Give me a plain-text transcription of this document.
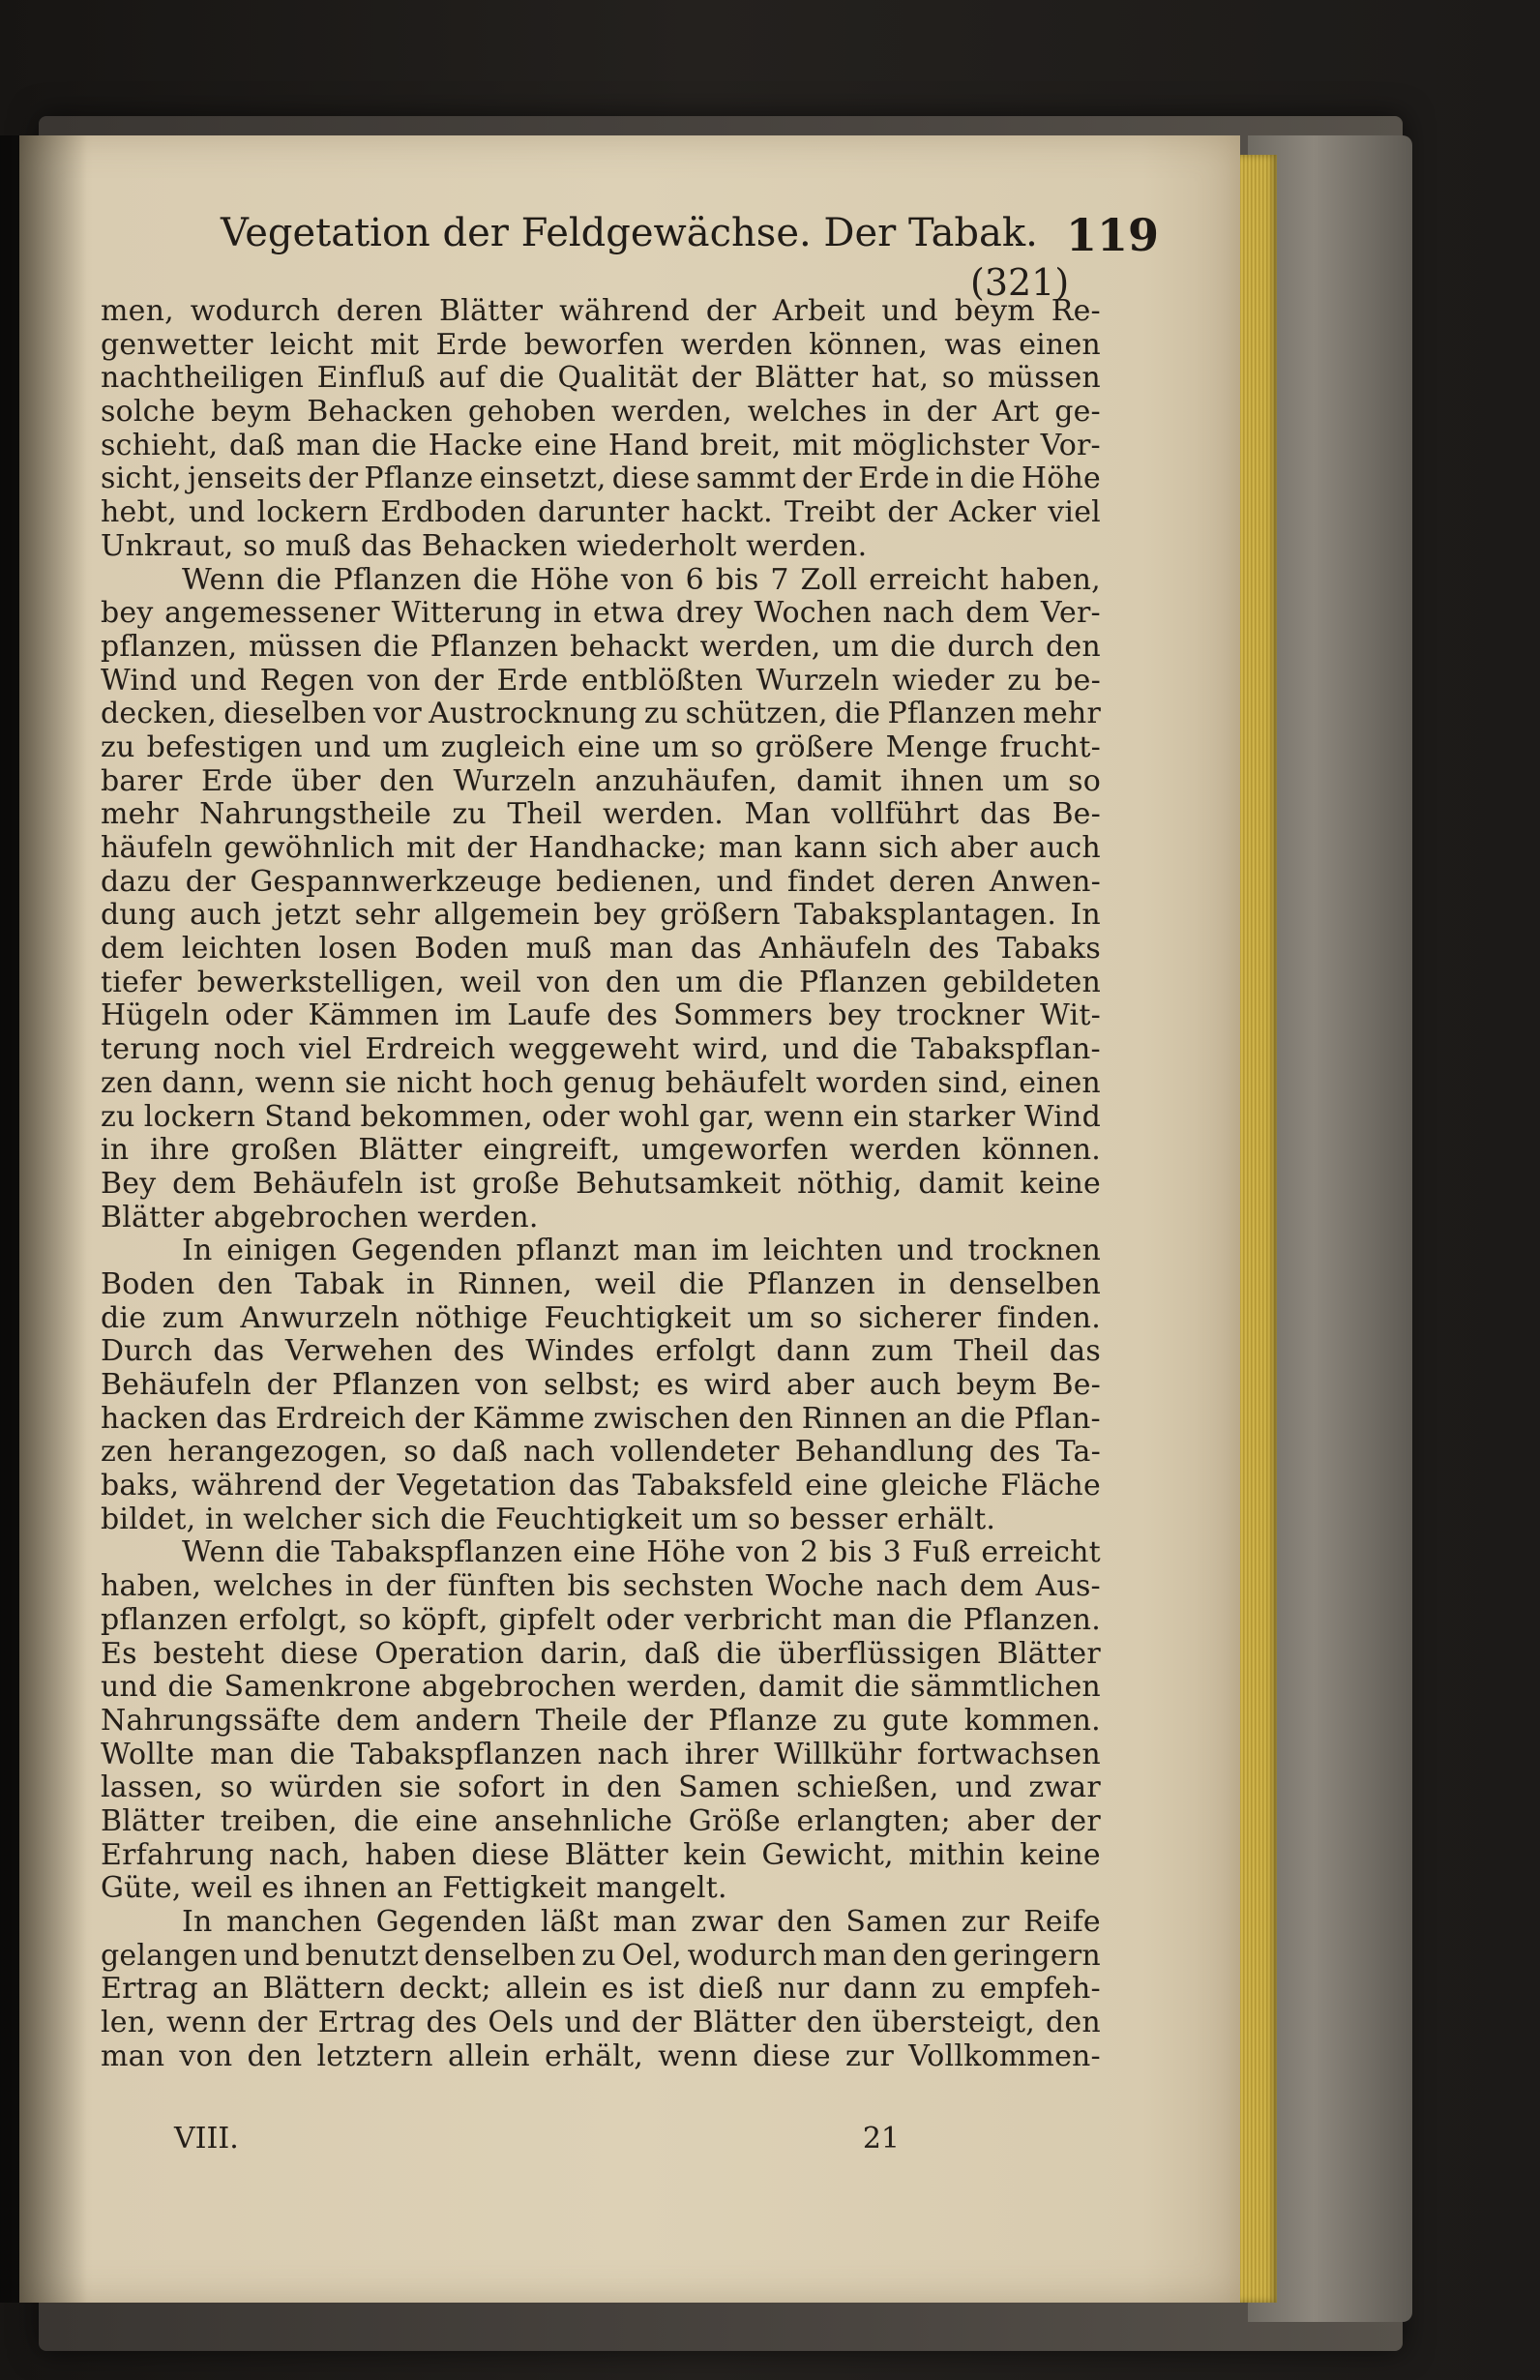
Vegetation der Feldgewächse. Der Tabak. 119
(321)
men, wodurch deren Blätter während der Arbeit und beym Re-
genwetter leicht mit Erde beworfen werden können, was einen
nachtheiligen Einfluß auf die Qualität der Blätter hat, so müssen
solche beym Behacken gehoben werden, welches in der Art ge-
schieht, daß man die Hacke eine Hand breit, mit möglichster Vor-
sicht, jenseits der Pflanze einsetzt, diese sammt der Erde in die Höhe
hebt, und lockern Erdboden darunter hackt. Treibt der Acker viel
Unkraut, so muß das Behacken wiederholt werden.
Wenn die Pflanzen die Höhe von 6 bis 7 Zoll erreicht haben,
bey angemessener Witterung in etwa drey Wochen nach dem Ver-
pflanzen, müssen die Pflanzen behackt werden, um die durch den
Wind und Regen von der Erde entblößten Wurzeln wieder zu be-
decken, dieselben vor Austrocknung zu schützen, die Pflanzen mehr
zu befestigen und um zugleich eine um so größere Menge frucht-
barer Erde über den Wurzeln anzuhäufen, damit ihnen um so
mehr Nahrungstheile zu Theil werden. Man vollführt das Be-
häufeln gewöhnlich mit der Handhacke; man kann sich aber auch
dazu der Gespannwerkzeuge bedienen, und findet deren Anwen-
dung auch jetzt sehr allgemein bey größern Tabaksplantagen. In
dem leichten losen Boden muß man das Anhäufeln des Tabaks
tiefer bewerkstelligen, weil von den um die Pflanzen gebildeten
Hügeln oder Kämmen im Laufe des Sommers bey trockner Wit-
terung noch viel Erdreich weggeweht wird, und die Tabakspflan-
zen dann, wenn sie nicht hoch genug behäufelt worden sind, einen
zu lockern Stand bekommen, oder wohl gar, wenn ein starker Wind
in ihre großen Blätter eingreift, umgeworfen werden können.
Bey dem Behäufeln ist große Behutsamkeit nöthig, damit keine
Blätter abgebrochen werden.
In einigen Gegenden pflanzt man im leichten und trocknen
Boden den Tabak in Rinnen, weil die Pflanzen in denselben
die zum Anwurzeln nöthige Feuchtigkeit um so sicherer finden.
Durch das Verwehen des Windes erfolgt dann zum Theil das
Behäufeln der Pflanzen von selbst; es wird aber auch beym Be-
hacken das Erdreich der Kämme zwischen den Rinnen an die Pflan-
zen herangezogen, so daß nach vollendeter Behandlung des Ta-
baks, während der Vegetation das Tabaksfeld eine gleiche Fläche
bildet, in welcher sich die Feuchtigkeit um so besser erhält.
Wenn die Tabakspflanzen eine Höhe von 2 bis 3 Fuß erreicht
haben, welches in der fünften bis sechsten Woche nach dem Aus-
pflanzen erfolgt, so köpft, gipfelt oder verbricht man die Pflanzen.
Es besteht diese Operation darin, daß die überflüssigen Blätter
und die Samenkrone abgebrochen werden, damit die sämmtlichen
Nahrungssäfte dem andern Theile der Pflanze zu gute kommen.
Wollte man die Tabakspflanzen nach ihrer Willkühr fortwachsen
lassen, so würden sie sofort in den Samen schießen, und zwar
Blätter treiben, die eine ansehnliche Größe erlangten; aber der
Erfahrung nach, haben diese Blätter kein Gewicht, mithin keine
Güte, weil es ihnen an Fettigkeit mangelt.
In manchen Gegenden läßt man zwar den Samen zur Reife
gelangen und benutzt denselben zu Oel, wodurch man den geringern
Ertrag an Blättern deckt; allein es ist dieß nur dann zu empfeh-
len, wenn der Ertrag des Oels und der Blätter den übersteigt, den
man von den letztern allein erhält, wenn diese zur Vollkommen-
VIII.	21
